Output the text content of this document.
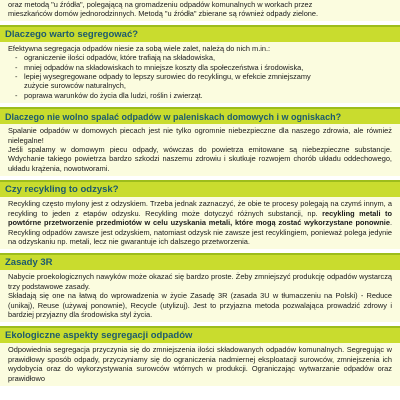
oraz metodą "u źródła", polegającą na gromadzeniu odpadów komunalnych w workach przez

mieszkańców domów jednorodzinnych. Metodą "u źródła" zbierane są również odpady zielone.

Dlaczego warto segregować?

Efektywna segregacja odpadów niesie za sobą wiele zalet, należą do nich m.in.:

- ograniczenie ilości odpadów, które trafiają na składowiska,
- mniej odpadów na składowiskach to mniejsze koszty dla społeczeństwa i środowiska,
- lepiej wysegregowane odpady to lepszy surowiec do recyklingu, w efekcie zmniejszamy
zużycie surowców naturalnych,
- poprawa warunków do życia dla ludzi, roślin i zwierząt.
Dlaczego nie wolno spalać odpadów w paleniskach domowych i w ogniskach?

Spalanie odpadów w domowych piecach jest nie tylko ogromnie niebezpieczne dla naszego zdrowia, ale również nielegalne!

Jeśli spalamy w domowym piecu odpady, wówczas do powietrza emitowane są niebezpieczne substancje. Wdychanie takiego powietrza bardzo szkodzi naszemu zdrowiu i skutkuje rozwojem chorób układu oddechowego, układu krążenia, nowotworami.

Czy recykling to odzysk?

Recykling często mylony jest z odzyskiem. Trzeba jednak zaznaczyć, że obie te procesy polegają na czymś innym, a recykling to jeden z etapów odzysku. Recykling może dotyczyć różnych substancji, np. recykling metali to powtórne przetworzenie przedmiotów w celu uzyskania metali, które mogą zostać wykorzystane ponownie. Recykling odpadów zawsze jest odzyskiem, natomiast odzysk nie zawsze jest recyklingiem, ponieważ polega jedynie na odzyskaniu np. metali, lecz nie gwarantuje ich dalszego przetworzenia.

Zasady 3R

Nabycie proekologicznych nawyków może okazać się bardzo proste. Żeby zmniejszyć produkcję odpadów wystarczą trzy podstawowe zasady.

Składają się one na łatwą do wprowadzenia w życie Zasadę 3R (zasada 3U w tłumaczeniu na Polski) - Reduce (unikaj), Reuse (używaj ponownie), Recycle (utylizuj). Jest to przyjazna metoda pozwalająca prowadzić zdrowy i bardziej przyjazny dla środowiska styl życia.

Ekologiczne aspekty segregacji odpadów

Odpowiednia segregacja przyczynia się do zmniejszenia ilości składowanych odpadów komunalnych. Segregując w prawidłowy sposób odpady, przyczyniamy się do ograniczenia nadmiernej eksploatacji surowców, zmniejszenia ich wydobycia oraz do wykorzystywania surowców wtórnych w produkcji. Ograniczając wytwarzanie odpadów oraz prawidłowo
